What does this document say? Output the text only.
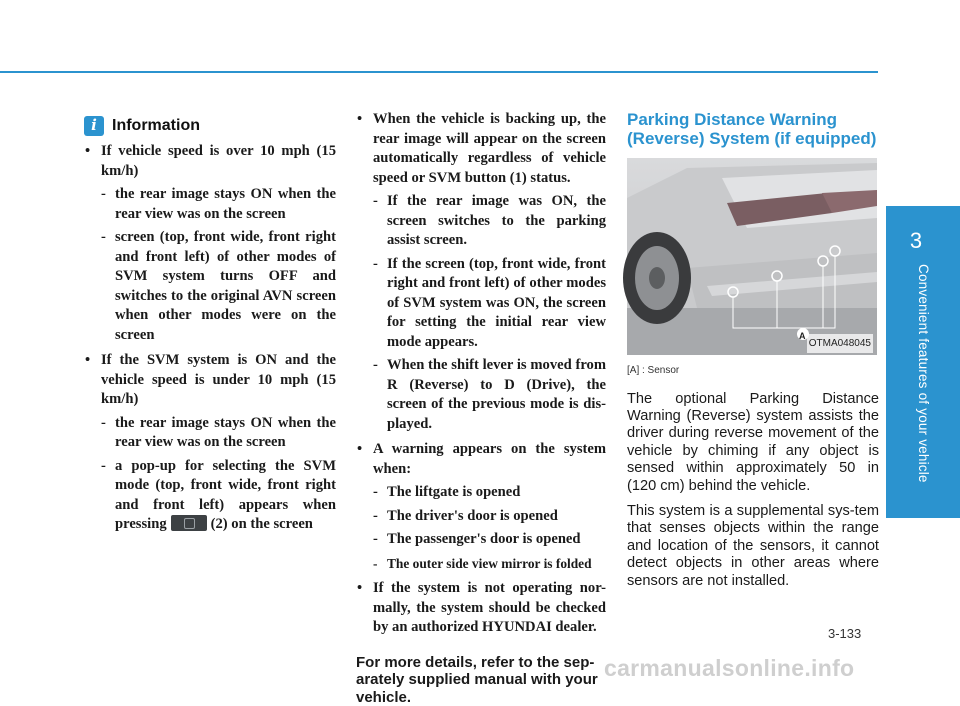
3
Convenient features of your vehicle
i Information
• If vehicle speed is over 10 mph (15 km/h)
- the rear image stays ON when the rear view was on the screen
- screen (top, front wide, front right and front left) of other modes of SVM system turns OFF and switches to the original AVN screen when other modes were on the screen
• If the SVM system is ON and the vehicle speed is under 10 mph (15 km/h)
- the rear image stays ON when the rear view was on the screen
- a pop-up for selecting the SVM mode (top, front wide, front right and front left) appears when pressing	(2) on the screen
• When the vehicle is backing up, the rear image will appear on the screen automatically regardless of vehicle speed or SVM button (1) status.
- If the rear image was ON, the screen switches to the parking assist screen.
- If the screen (top, front wide, front right and front left) of other modes of SVM system was ON, the screen for setting the initial rear view mode appears.
- When the shift lever is moved from R (Reverse) to D (Drive), the screen of the previous mode is dis-played.
• A warning appears on the system when:
- The liftgate is opened
- The driver's door is opened
- The passenger's door is opened
- The outer side view mirror is folded
• If the system is not operating nor-mally, the system should be checked by an authorized HYUNDAI dealer.
For more details, refer to the sep-arately supplied manual with your vehicle.
Parking Distance Warning
(Reverse) System (if equipped)
A
OTMA048045
[A] : Sensor
The optional Parking Distance Warning (Reverse) system assists the driver during reverse movement of the vehicle by chiming if any object is sensed within approximately 50 in (120 cm) behind the vehicle.
This system is a supplemental sys-tem that senses objects within the range and location of the sensors, it cannot detect objects in other areas where sensors are not installed.
3-133
carmanualsonline.info
